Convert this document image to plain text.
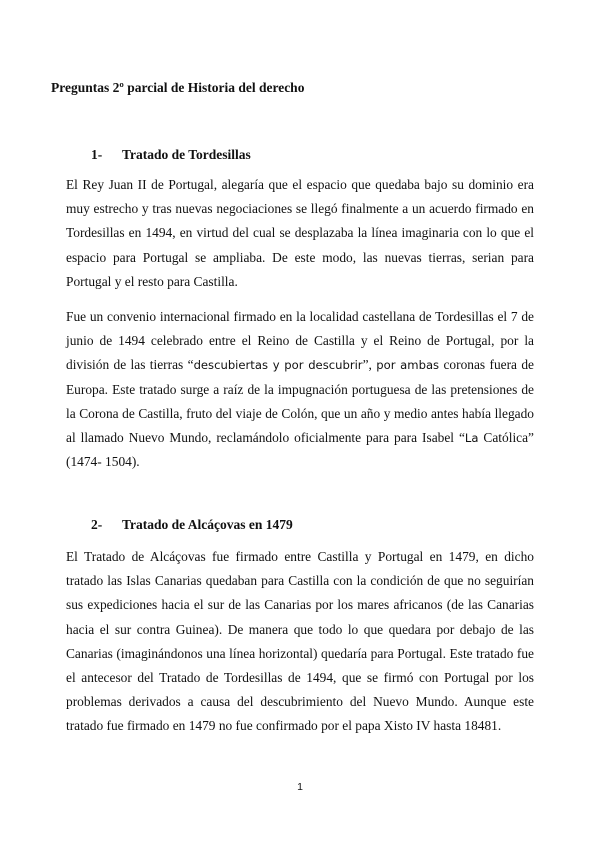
Preguntas 2º parcial de Historia del derecho
1- Tratado de Tordesillas

El Rey Juan II de Portugal, alegaría que el espacio que quedaba bajo su dominio era muy estrecho y tras nuevas negociaciones se llegó finalmente a un acuerdo firmado en Tordesillas en 1494, en virtud del cual se desplazaba la línea imaginaria con lo que el espacio para Portugal se ampliaba. De este modo, las nuevas tierras, serian para Portugal y el resto para Castilla.

Fue un convenio internacional firmado en la localidad castellana de Tordesillas el 7 de junio de 1494 celebrado entre el Reino de Castilla y el Reino de Portugal, por la división de las tierras “descubiertas y por descubrir”, por ambas coronas fuera de Europa. Este tratado surge a raíz de la impugnación portuguesa de las pretensiones de la Corona de Castilla, fruto del viaje de Colón, que un año y medio antes había llegado al llamado Nuevo Mundo, reclamándolo oficialmente para para Isabel “La Católica” (1474- 1504).

2- Tratado de Alcáçovas en 1479

El Tratado de Alcáçovas fue firmado entre Castilla y Portugal en 1479, en dicho tratado las Islas Canarias quedaban para Castilla con la condición de que no seguirían sus expediciones hacia el sur de las Canarias por los mares africanos (de las Canarias hacia el sur contra Guinea). De manera que todo lo que quedara por debajo de las Canarias (imaginándonos una línea horizontal) quedaría para Portugal. Este tratado fue el antecesor del Tratado de Tordesillas de 1494, que se firmó con Portugal por los problemas derivados a causa del descubrimiento del Nuevo Mundo. Aunque este tratado fue firmado en 1479 no fue confirmado por el papa Xisto IV hasta 18481.

1
